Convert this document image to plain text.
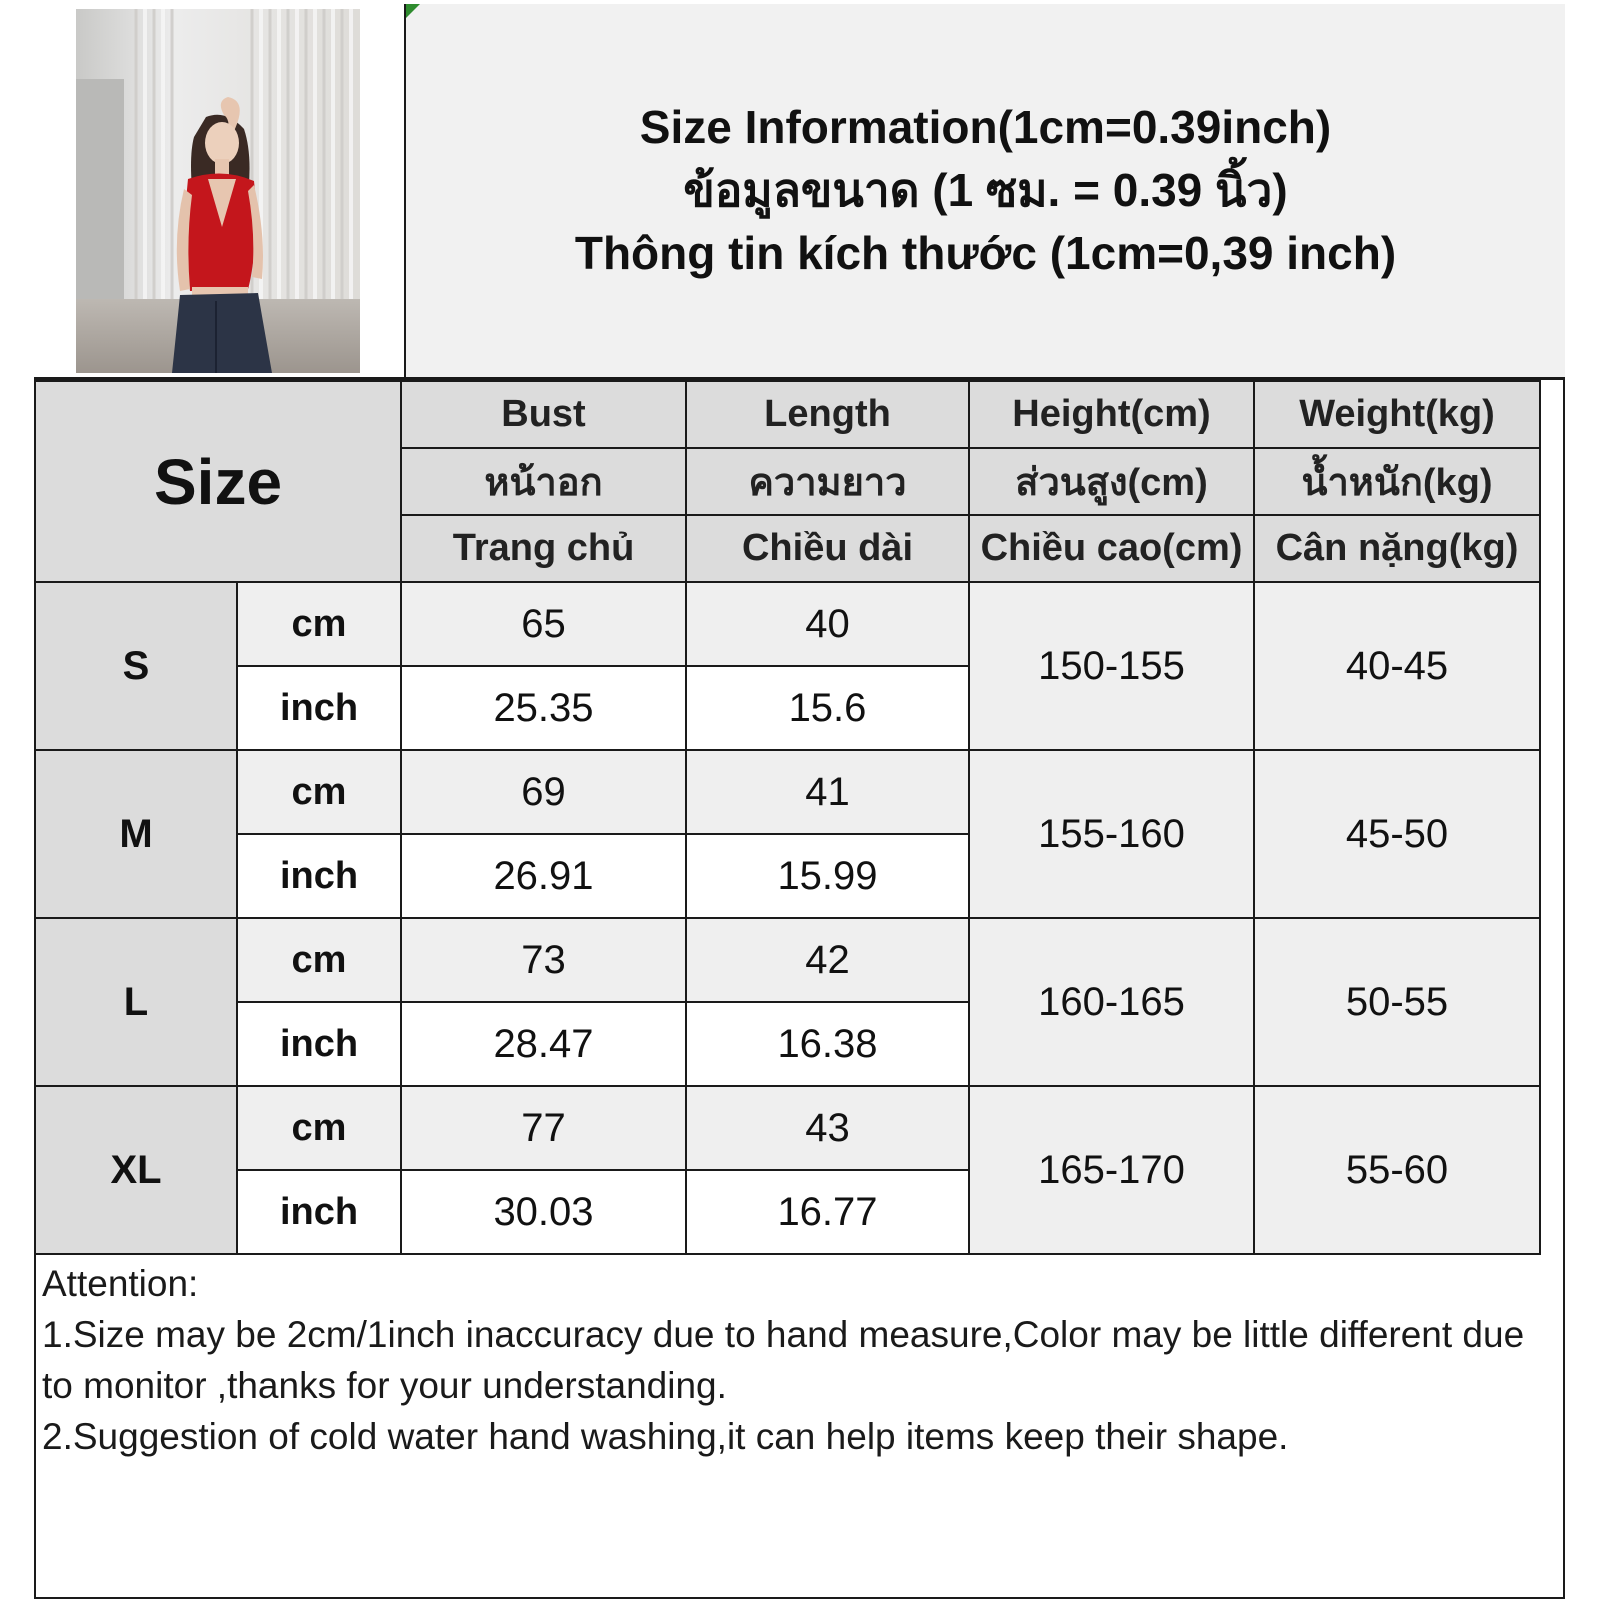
Size Information(1cm=0.39inch)
ข้อมูลขนาด (1 ซม. = 0.39 นิ้ว)
Thông tin kích thước (1cm=0,39 inch)
Size		Bust	Length	Height(cm)	Weight(kg)
		หน้าอก	ความยาว	ส่วนสูง(cm)	น้ำหนัก(kg)
		Trang chủ	Chiều dài	Chiều cao(cm)	Cân nặng(kg)
S	cm	65	40	150-155	40-45
	inch	25.35	15.6		
M	cm	69	41	155-160	45-50
	inch	26.91	15.99		
L	cm	73	42	160-165	50-55
	inch	28.47	16.38		
XL	cm	77	43	165-170	55-60
	inch	30.03	16.77		
Attention:
1.Size may be 2cm/1inch inaccuracy due to hand measure,Color may be little different due to monitor ,thanks for your understanding.
2.Suggestion of cold water hand washing,it can help items keep their shape.
